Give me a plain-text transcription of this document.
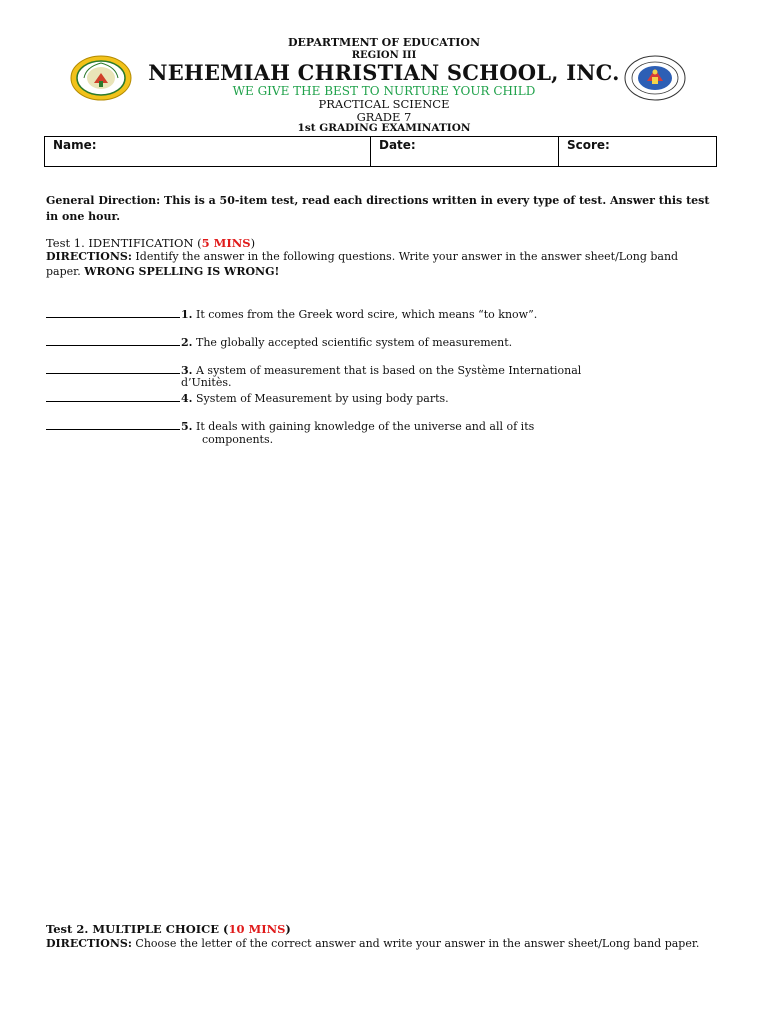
DEPARTMENT OF EDUCATION
REGION III
NEHEMIAH CHRISTIAN SCHOOL, INC.
WE GIVE THE BEST TO NURTURE YOUR CHILD
PRACTICAL SCIENCE
GRADE 7
1st GRADING EXAMINATION
Name:	Date:	Score:
General Direction: This is a 50-item test, read each directions written in every type of test. Answer this test in one hour.
Test 1. IDENTIFICATION (5 MINS)
DIRECTIONS: Identify the answer in the following questions. Write your answer in the answer sheet/Long band paper. WRONG SPELLING IS WRONG!
1. It comes from the Greek word scire, which means “to know”.
2. The globally accepted scientific system of measurement.
3. A system of measurement that is based on the Système International
d’Unitès.
4. System of Measurement by using body parts.
5. It deals with gaining knowledge of the universe and all of its
components.
Test 2. MULTIPLE CHOICE (10 MINS)
DIRECTIONS: Choose the letter of the correct answer and write your answer in the answer sheet/Long band paper.
